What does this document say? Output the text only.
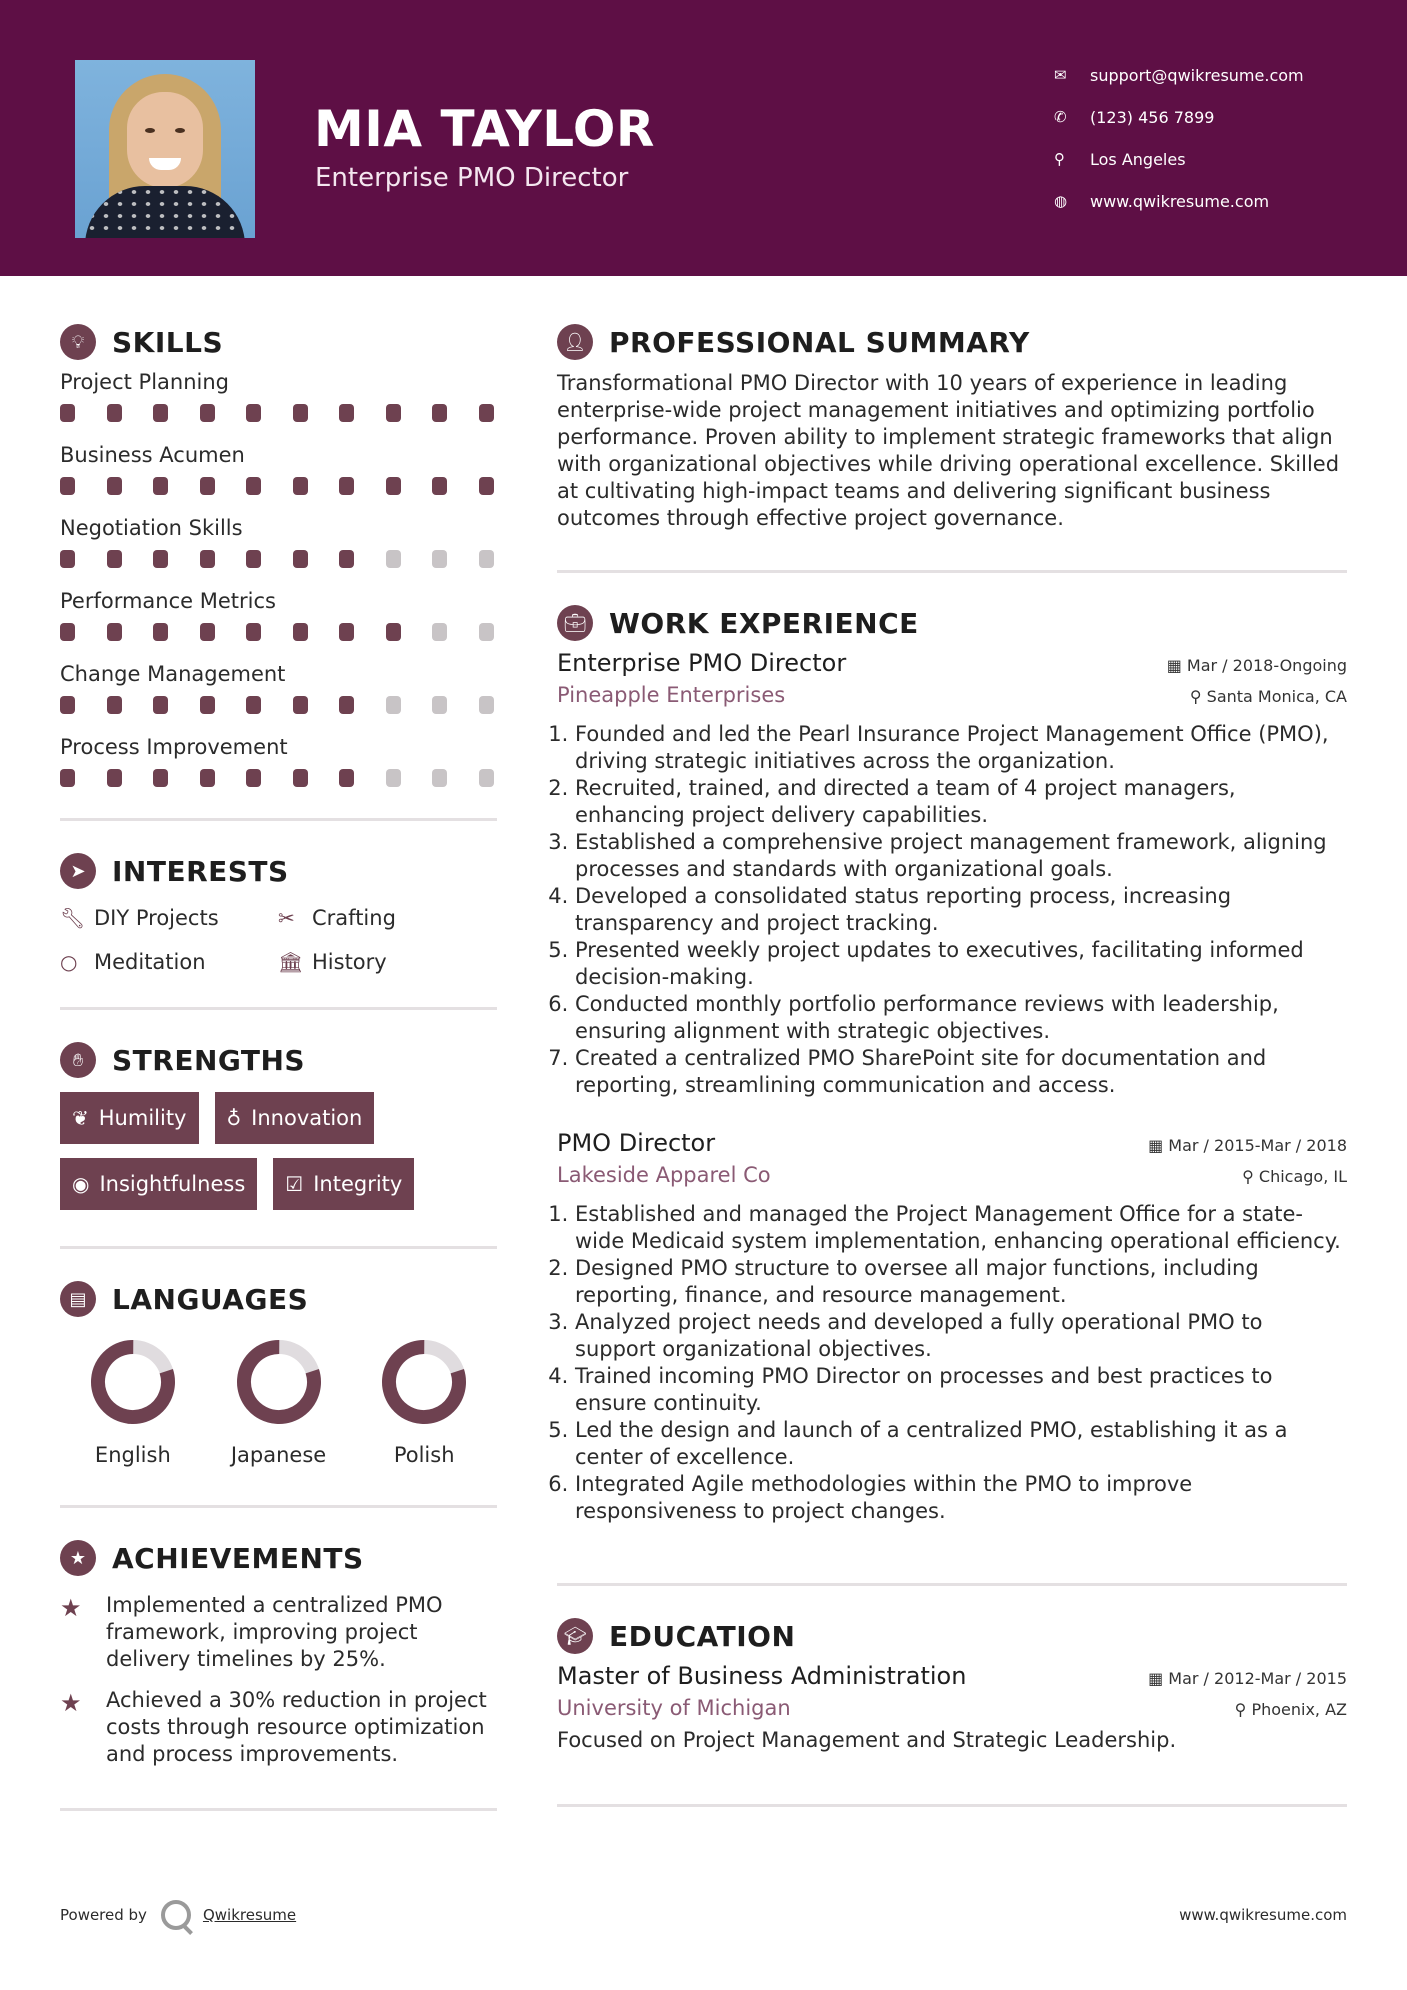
MIA TAYLOR
Enterprise PMO Director
✉	support@qwikresume.com
✆	(123) 456 7899
⚲	Los Angeles
◍	www.qwikresume.com
💡︎ SKILLS
Project Planning
Business Acumen
Negotiation Skills
Performance Metrics
Change Management
Process Improvement
➤ INTERESTS
🔧︎ DIY Projects	✂ Crafting
○ Meditation	🏛︎ History
✋︎	STRENGTHS
❦ Humility ♁ Innovation
◉ Insightfulness ☑ Integrity
▤ LANGUAGES
English	Japanese	Polish
★ ACHIEVEMENTS
★	Implemented a centralized PMO framework, improving project delivery timelines by 25%.
★	Achieved a 30% reduction in project costs through resource optimization and process improvements.
👤︎ PROFESSIONAL SUMMARY
Transformational PMO Director with 10 years of experience in leading enterprise-wide project management initiatives and optimizing portfolio performance. Proven ability to implement strategic frameworks that align with organizational objectives while driving operational excellence. Skilled at cultivating high-impact teams and delivering significant business outcomes through effective project governance.
💼︎ WORK EXPERIENCE
Enterprise PMO Director	▦ Mar / 2018-Ongoing
Pineapple Enterprises	⚲ Santa Monica, CA
1. Founded and led the Pearl Insurance Project Management Office (PMO), driving strategic initiatives across the organization.
2. Recruited, trained, and directed a team of 4 project managers, enhancing project delivery capabilities.
3. Established a comprehensive project management framework, aligning processes and standards with organizational goals.
4. Developed a consolidated status reporting process, increasing transparency and project tracking.
5. Presented weekly project updates to executives, facilitating informed decision-making.
6. Conducted monthly portfolio performance reviews with leadership, ensuring alignment with strategic objectives.
7. Created a centralized PMO SharePoint site for documentation and reporting, streamlining communication and access.
PMO Director	▦ Mar / 2015-Mar / 2018
Lakeside Apparel Co	⚲ Chicago, IL
1. Established and managed the Project Management Office for a state-wide Medicaid system implementation, enhancing operational efficiency.
2. Designed PMO structure to oversee all major functions, including reporting, finance, and resource management.
3. Analyzed project needs and developed a fully operational PMO to support organizational objectives.
4. Trained incoming PMO Director on processes and best practices to ensure continuity.
5. Led the design and launch of a centralized PMO, establishing it as a center of excellence.
6. Integrated Agile methodologies within the PMO to improve responsiveness to project changes.
🎓︎ EDUCATION
Master of Business Administration	▦ Mar / 2012-Mar / 2015
University of Michigan	⚲ Phoenix, AZ
Focused on Project Management and Strategic Leadership.
Powered by	Qwikresume	www.qwikresume.com
